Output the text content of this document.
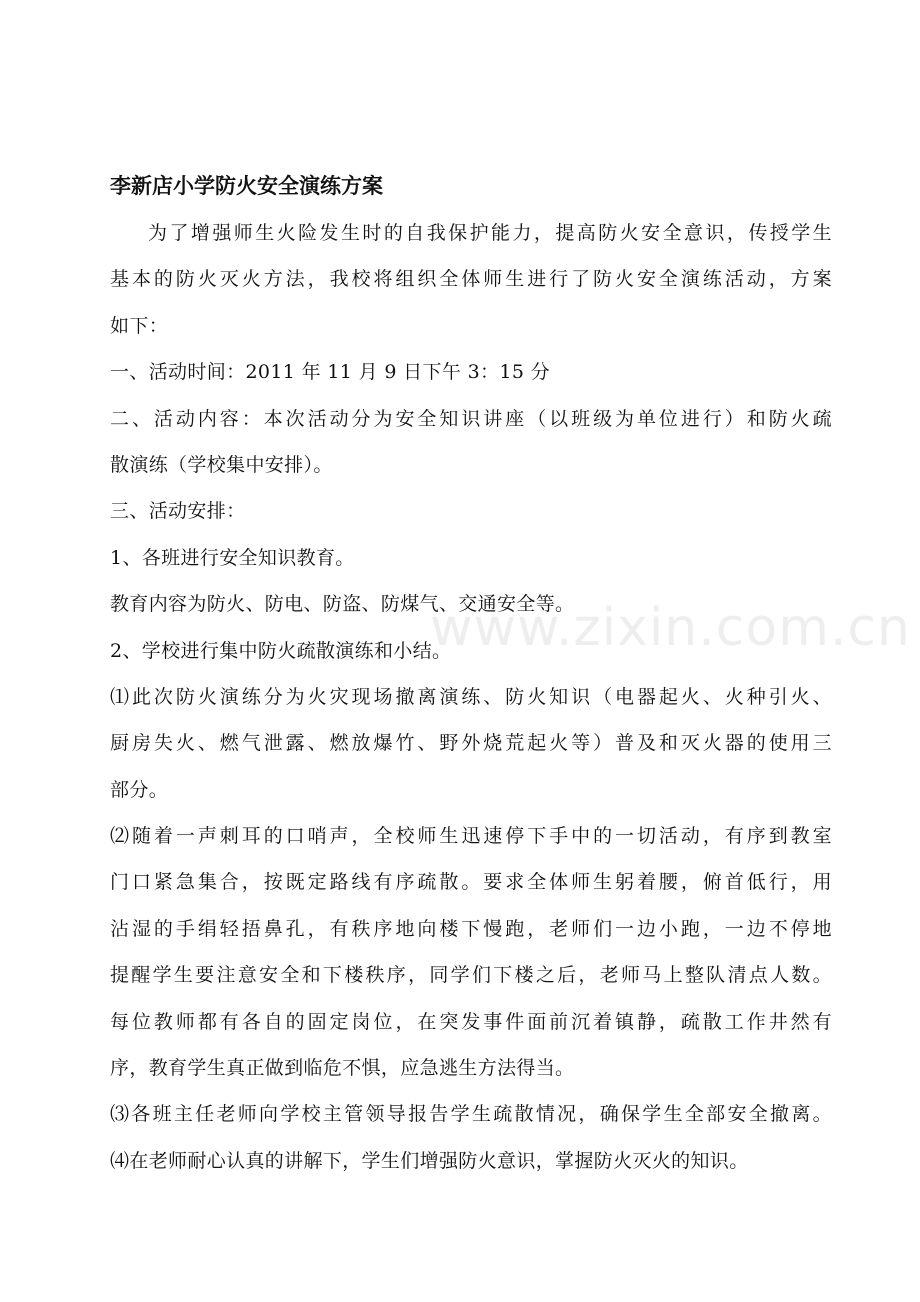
李新店小学防火安全演练方案
为了增强师生火险发生时的自我保护能力，提高防火安全意识，传授学生
基本的防火灭火方法，我校将组织全体师生进行了防火安全演练活动，方案
如下：
一、活动时间：2011 年 11 月 9 日下午 3：15 分
二、活动内容：本次活动分为安全知识讲座（以班级为单位进行）和防火疏
散演练（学校集中安排）。
三、活动安排：
1、各班进行安全知识教育。
教育内容为防火、防电、防盗、防煤气、交通安全等。
2、学校进行集中防火疏散演练和小结。
⑴此次防火演练分为火灾现场撤离演练、防火知识（电器起火、火种引火、
厨房失火、燃气泄露、燃放爆竹、野外烧荒起火等）普及和灭火器的使用三
部分。
⑵随着一声刺耳的口哨声，全校师生迅速停下手中的一切活动，有序到教室
门口紧急集合，按既定路线有序疏散。要求全体师生躬着腰，俯首低行，用
沾湿的手绢轻捂鼻孔，有秩序地向楼下慢跑，老师们一边小跑，一边不停地
提醒学生要注意安全和下楼秩序，同学们下楼之后，老师马上整队清点人数。
每位教师都有各自的固定岗位，在突发事件面前沉着镇静，疏散工作井然有
序，教育学生真正做到临危不惧，应急逃生方法得当。
⑶各班主任老师向学校主管领导报告学生疏散情况，确保学生全部安全撤离。
⑷在老师耐心认真的讲解下，学生们增强防火意识，掌握防火灭火的知识。
www.zixin.com.cn
